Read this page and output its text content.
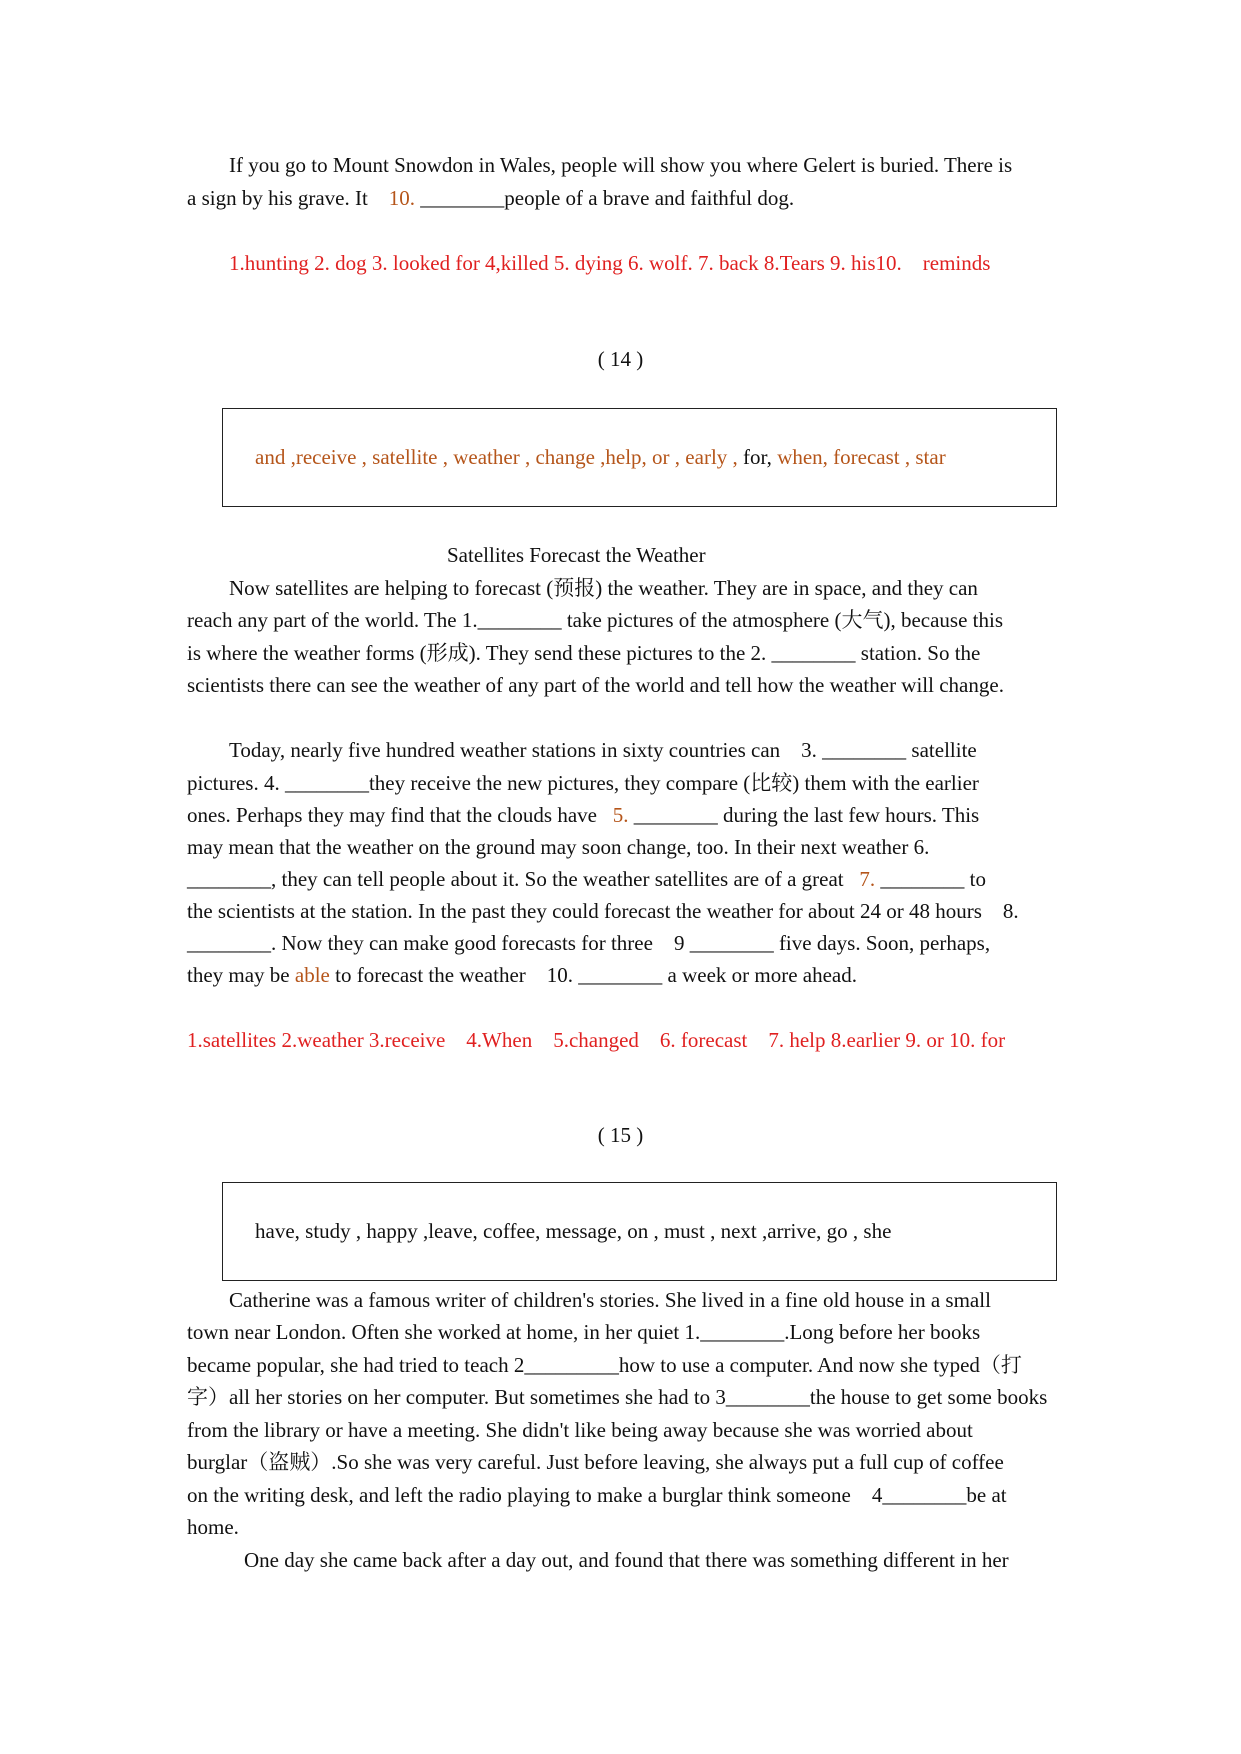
If you go to Mount Snowdon in Wales, people will show you where Gelert is buried. There is
a sign by his grave. It 10. ________people of a brave and faithful dog.
1.hunting 2. dog 3. looked for 4,killed 5. dying 6. wolf. 7. back 8.Tears 9. his10.    reminds
( 14 )
and ,receive , satellite , weather , change ,help, or , early , for, when, forecast , star
Satellites Forecast the Weather
Now satellites are helping to forecast (预报) the weather. They are in space, and they can
reach any part of the world. The 1.________ take pictures of the atmosphere (大气), because this
is where the weather forms (形成). They send these pictures to the 2. ________ station. So the
scientists there can see the weather of any part of the world and tell how the weather will change.
Today, nearly five hundred weather stations in sixty countries can    3. ________ satellite
pictures. 4. ________they receive the new pictures, they compare (比较) them with the earlier
ones. Perhaps they may find that the clouds have   5. ________ during the last few hours. This
may mean that the weather on the ground may soon change, too. In their next weather 6.
________, they can tell people about it. So the weather satellites are of a great   7. ________ to
the scientists at the station. In the past they could forecast the weather for about 24 or 48 hours    8.
________. Now they can make good forecasts for three    9 ________ five days. Soon, perhaps,
they may be able to forecast the weather    10. ________ a week or more ahead.
1.satellites 2.weather 3.receive    4.When    5.changed    6. forecast    7. help 8.earlier 9. or 10. for
( 15 )
have, study , happy ,leave, coffee, message, on , must , next ,arrive, go , she
Catherine was a famous writer of children's stories. She lived in a fine old house in a small
town near London. Often she worked at home, in her quiet 1.________.Long before her books
became popular, she had tried to teach 2_________how to use a computer. And now she typed（打
字）all her stories on her computer. But sometimes she had to 3________the house to get some books
from the library or have a meeting. She didn't like being away because she was worried about
burglar（盗贼）.So she was very careful. Just before leaving, she always put a full cup of coffee
on the writing desk, and left the radio playing to make a burglar think someone    4________be at
home.
One day she came back after a day out, and found that there was something different in her
